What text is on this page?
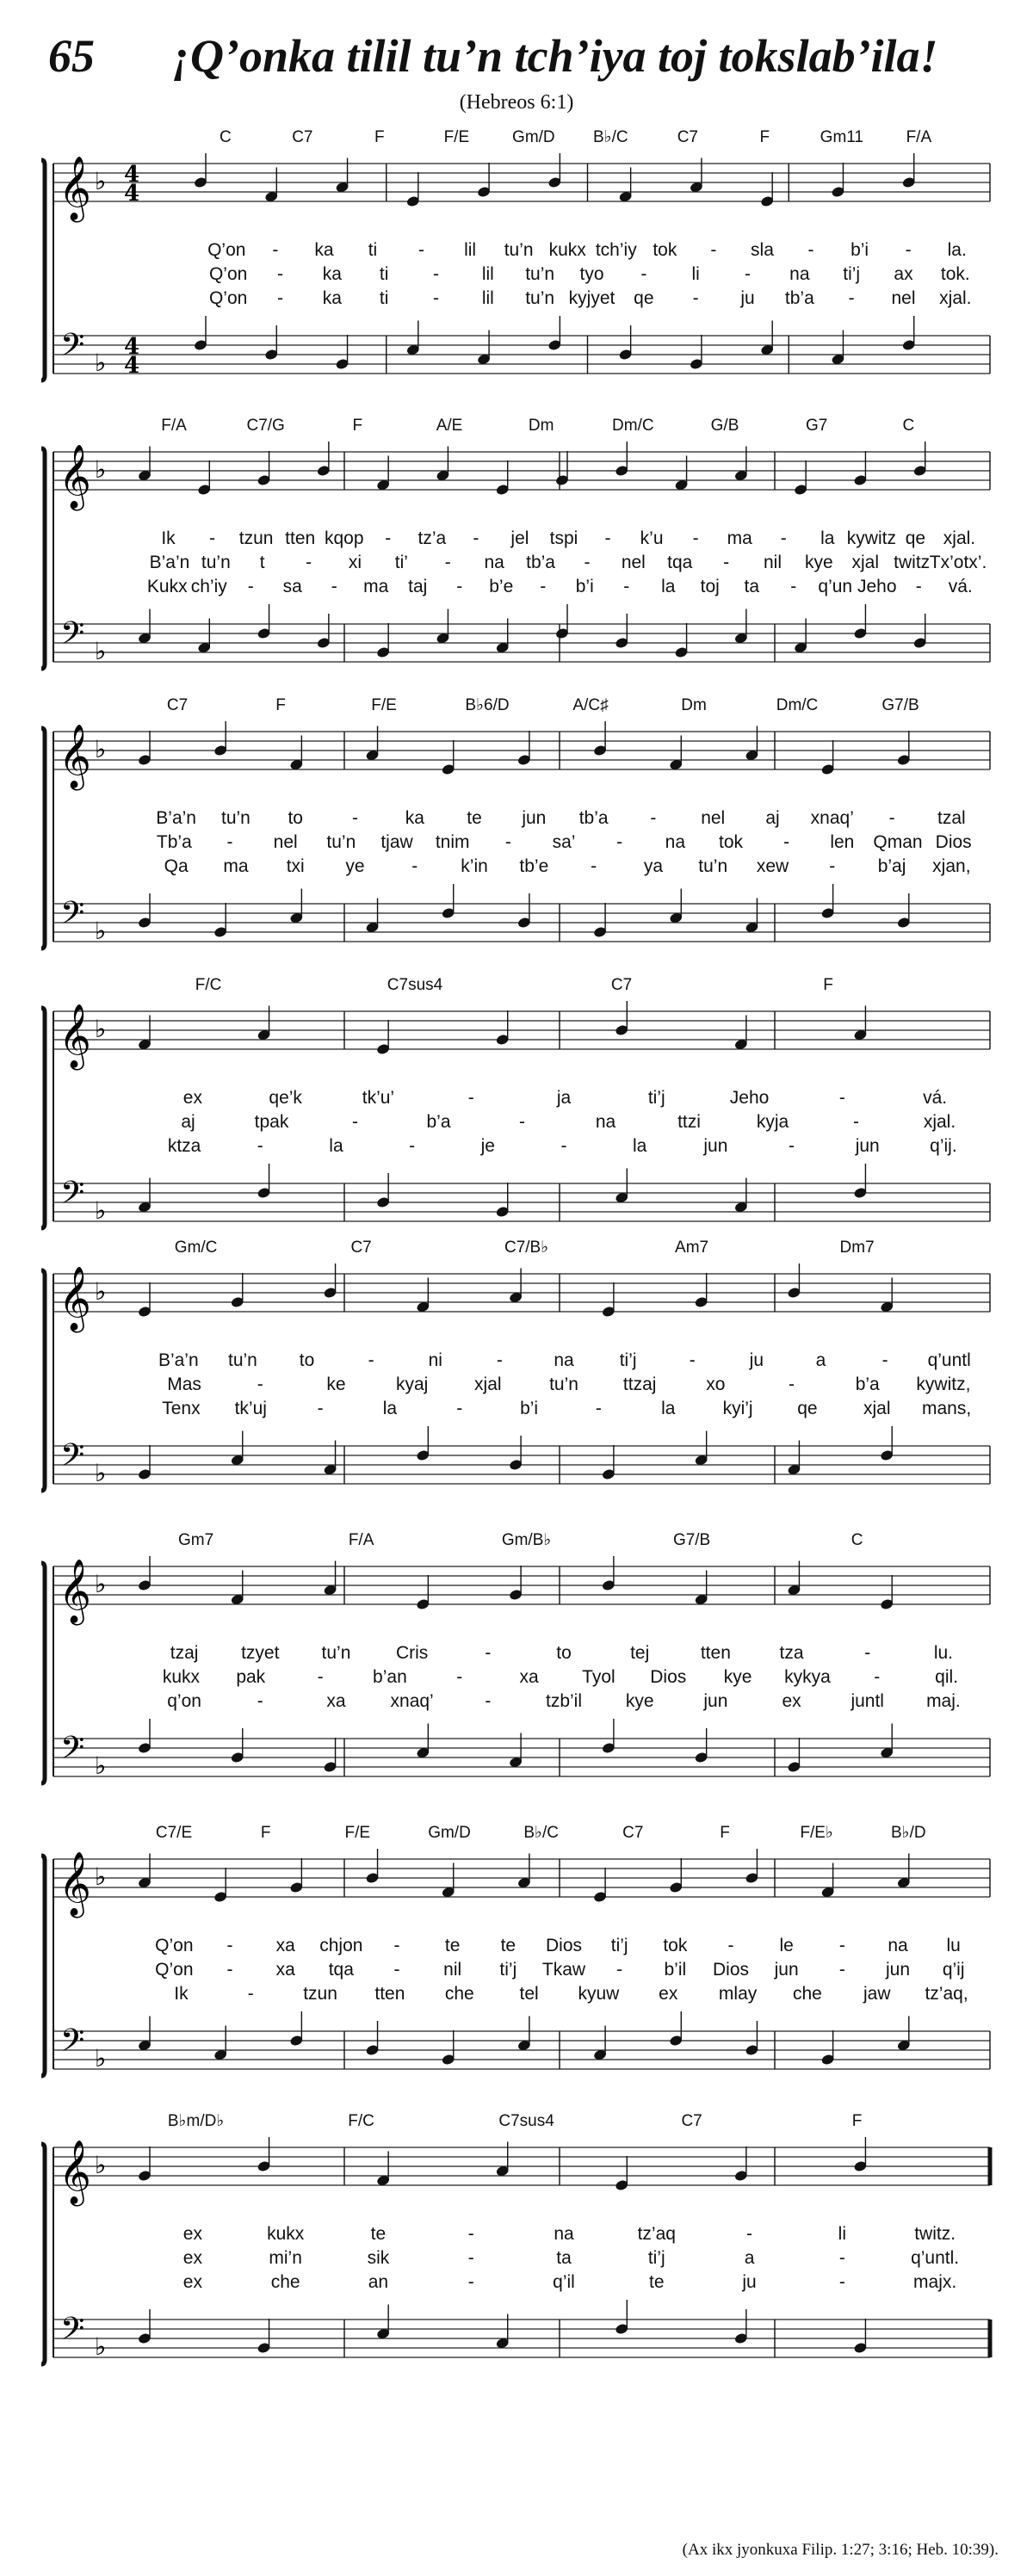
65 ¡Q’onka tilil tu’n tch’iya toj tokslab’ila!
(Hebreos 6:1)
𝄞
𝄢
♭
♭
4
4
4
4
C	C7	F	F/E	Gm/D B♭/C	C7	F	Gm11	F/A
Q’on - ka ti - lil tu’n kukx tch’iy tok - sla - b’i - la.
Q’on - ka ti - lil tu’n tyo - li - na ti’j ax tok.
Q’on - ka ti - lil tu’n kyjyet qe - ju tb’a - nel xjal.
𝄞
𝄢
♭
♭
F/A	C7/G	F	A/E	Dm	Dm/C	G/B	G7	C
Ik - tzun tten kqop - tz’a - jel tspi - k’u - ma - la kywitz qe xjal.
B’a’n tu’n t - xi ti’ - na tb’a - nel tqa - nil kye xjal twitz Tx’otx’.
Kukx ch’iy - sa - ma taj - b’e - b’i - la toj ta - q’un Jeho - vá.
𝄞
𝄢
♭
♭
C7	F	F/E	B♭6/D	A/C♯	Dm	Dm/C	G7/B
B’a’n tu’n to	-	ka te jun tb’a - nel aj xnaq’ - tzal
Tb’a - nel tu’n tjaw tnim - sa’ - na tok - len Qman Dios
Qa ma txi ye	- k’in tb’e -	ya tu’n xew - b’aj xjan,
𝄞
𝄢
♭
♭
F/C	C7sus4	C7	F
ex	qe’k	tk’u’	-	ja	ti’j	Jeho	-	vá.
aj	tpak	-	b’a	-	na	ttzi	kyja	-	xjal.
ktza	-	la	-	je	-	la	jun	-	jun	q’ij.
𝄞
𝄢
♭
♭
Gm/C	C7	C7/B♭	Am7	Dm7
B’a’n tu’n to	-	ni	-	na	ti’j	-	ju	a	- q’untl
Mas	-	ke	kyaj	xjal	tu’n ttzaj	xo	-	b’a kywitz,
Tenx tk’uj	-	la	-	b’i	-	la	kyi’j qe	xjal mans,
𝄞
𝄢
♭
♭
Gm7	F/A	Gm/B♭	G7/B	C
tzaj tzyet tu’n	Cris	-	to	tej	tten	tza	-	lu.
kukx pak	-	b’an	-	xa Tyol Dios kye kykya -	qil.
q’on	-	xa xnaq’	-	tzb’il kye	jun	ex	juntl maj.
𝄞
𝄢
♭
♭
C7/E	F	F/E	Gm/D	B♭/C	C7	F	F/E♭	B♭/D
Q’on - xa chjon - te te Dios ti’j tok -	le	- na lu
Q’on - xa tqa - nil ti’j Tkaw - b’il Dios jun - jun q’ij
Ik	-	tzun tten che	tel kyuw ex mlay che jaw tz’aq,
𝄞
𝄢
♭
♭
B♭m/D♭	F/C	C7sus4	C7	F
ex	kukx	te	-	na	tz’aq	-	li	twitz.
ex	mi’n	sik	-	ta	ti’j	a	-	q’untl.
ex	che	an	-	q’il	te	ju	-	majx.
(Ax ikx jyonkuxa Filip. 1:27; 3:16; Heb. 10:39).
